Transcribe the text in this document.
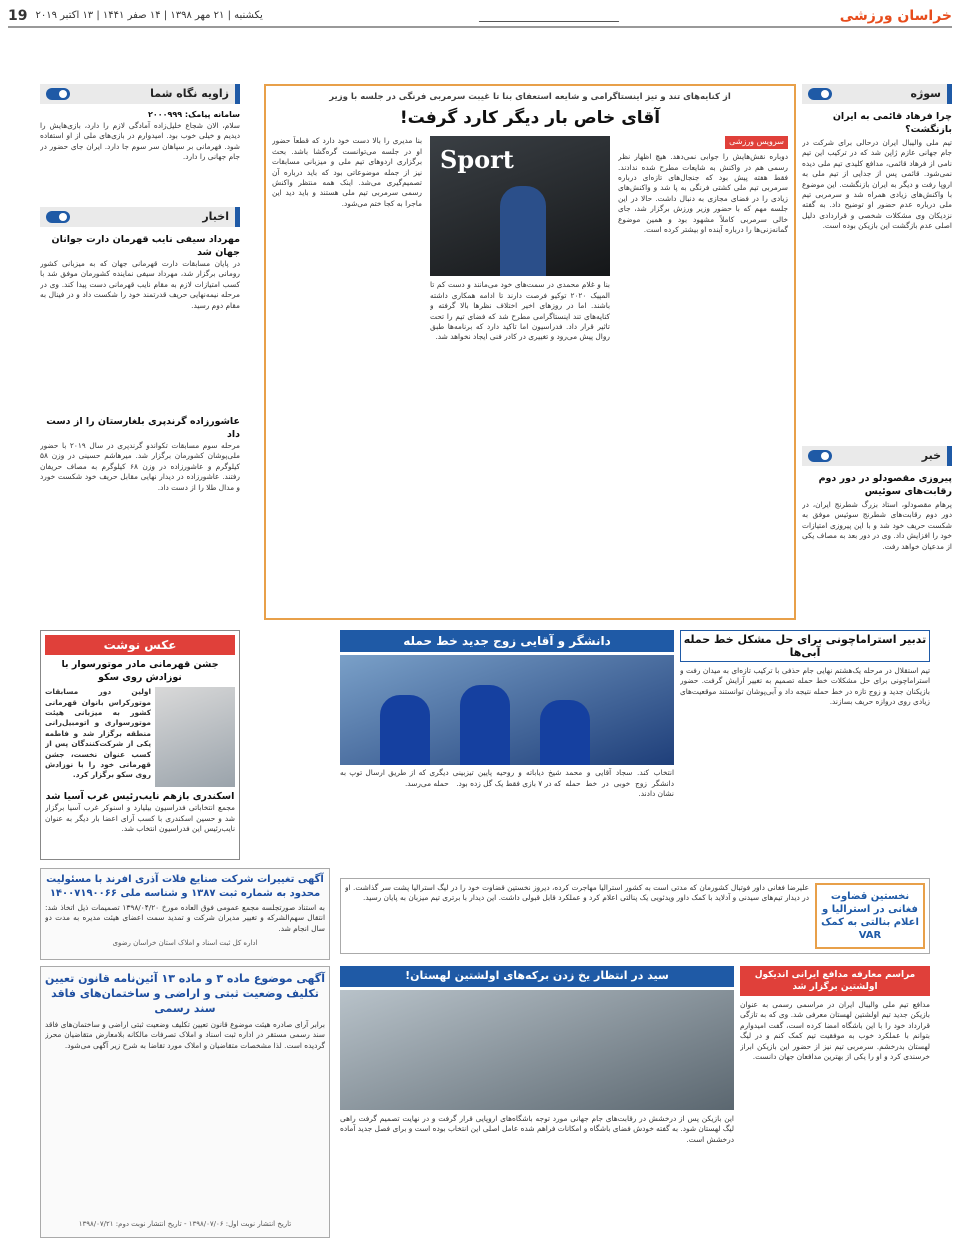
خراسان ورزشی
یکشنبه | ۲۱ مهر ۱۳۹۸ | ۱۴ صفر ۱۴۴۱ | ۱۳ اکتبر ۲۰۱۹
19
سوژه
چرا فرهاد قائمی به ایران بازنگشت؟
تیم ملی والیبال ایران درحالی برای شرکت در جام جهانی عازم ژاپن شد که در ترکیب این تیم نامی از فرهاد قائمی، مدافع کلیدی تیم ملی دیده نمی‌شود. قائمی پس از جدایی از تیم ملی به اروپا رفت و دیگر به ایران بازنگشت. این موضوع با واکنش‌های زیادی همراه شد و سرمربی تیم ملی درباره عدم حضور او توضیح داد. به گفته نزدیکان وی مشکلات شخصی و قراردادی دلیل اصلی عدم بازگشت این بازیکن بوده است.
خبر
پیروزی مقصودلو در دور دوم رقابت‌های سوئیس
پرهام مقصودلو، استاد بزرگ شطرنج ایران، در دور دوم رقابت‌های شطرنج سوئیس موفق به شکست حریف خود شد و با این پیروزی امتیازات خود را افزایش داد. وی در دور بعد به مصاف یکی از مدعیان خواهد رفت.
از کنایه‌های تند و تیز اینستاگرامی و شایعه استعفای بنا تا غیبت سرمربی فرنگی در جلسه با وزیر
آقای خاص بار دیگر کارد گرفت!
سرویس ورزشی
دوباره نقش‌هایش را جوابی نمی‌دهد. هیچ اظهار نظر رسمی هم در واکنش به شایعات مطرح شده ندادند. فقط هفته پیش بود که جنجال‌های تازه‌ای درباره سرمربی تیم ملی کشتی فرنگی به پا شد و واکنش‌های زیادی را در فضای مجازی به دنبال داشت. حالا در این جلسه مهم که با حضور وزیر ورزش برگزار شد، جای خالی سرمربی کاملاً مشهود بود و همین موضوع گمانه‌زنی‌ها را درباره آینده او بیشتر کرده است.
Sport
بنا و غلام محمدی در سمت‌های خود می‌مانند و دست کم تا المپیک ۲۰۲۰ توکیو فرصت دارند تا ادامه همکاری داشته باشند. اما در روزهای اخیر اختلاف نظرها بالا گرفته و کنایه‌های تند اینستاگرامی مطرح شد که فضای تیم را تحت تاثیر قرار داد. فدراسیون اما تاکید دارد که برنامه‌ها طبق روال پیش می‌رود و تغییری در کادر فنی ایجاد نخواهد شد.
بنا مدیری را بالا دست خود دارد که قطعاً حضور او در جلسه می‌توانست گره‌گشا باشد. بحث برگزاری اردوهای تیم ملی و میزبانی مسابقات نیز از جمله موضوعاتی بود که باید درباره آن تصمیم‌گیری می‌شد. اینک همه منتظر واکنش رسمی سرمربی تیم ملی هستند و باید دید این ماجرا به کجا ختم می‌شود.
زاویه نگاه شما
سامانه پیامک: ۲۰۰۰۹۹۹
سلام، الان شجاع خلیل‌زاده آمادگی لازم را دارد، بازی‌هایش را دیدیم و خیلی خوب بود. امیدوارم در بازی‌های ملی از او استفاده شود. فهرمانی بر سپاهان سر سوم جا دارد. ایران جای حضور در جام جهانی را دارد.
اخبار
مهرداد سیفی نایب قهرمان دارت جوانان جهان شد
در پایان مسابقات دارت قهرمانی جهان که به میزبانی کشور رومانی برگزار شد، مهرداد سیفی نماینده کشورمان موفق شد با کسب امتیازات لازم به مقام نایب قهرمانی دست پیدا کند. وی در مرحله نیمه‌نهایی حریف قدرتمند خود را شکست داد و در فینال به مقام دوم رسید.
عاشورزاده گرندپری بلغارستان را از دست داد
مرحله سوم مسابقات تکواندو گرندپری در سال ۲۰۱۹ با حضور ملی‌پوشان کشورمان برگزار شد. میرهاشم حسینی در وزن ۵۸ کیلوگرم و عاشورزاده در وزن ۶۸ کیلوگرم به مصاف حریفان رفتند. عاشورزاده در دیدار نهایی مقابل حریف خود شکست خورد و مدال طلا را از دست داد.
عکس نوشت
جشن قهرمانی مادر موتورسوار با نوزادش روی سکو
اولین دور مسابقات موتورکراس بانوان قهرمانی کشور به میزبانی هیئت موتورسواری و اتومبیل‌رانی منطقه برگزار شد و فاطمه یکی از شرکت‌کنندگان پس از کسب عنوان نخست، جشن قهرمانی خود را با نوزادش روی سکو برگزار کرد.
اسکندری بازهم نایب‌رئیس غرب آسیا شد
مجمع انتخاباتی فدراسیون بیلیارد و اسنوکر غرب آسیا برگزار شد و حسین اسکندری با کسب آرای اعضا بار دیگر به عنوان نایب‌رئیس این فدراسیون انتخاب شد.
تدبیر استراماچونی برای حل مشکل خط حمله آبی‌ها
تیم استقلال در مرحله یک‌هشتم نهایی جام حذفی با ترکیب تازه‌ای به میدان رفت و استراماچونی برای حل مشکلات خط حمله تصمیم به تغییر آرایش گرفت. حضور بازیکنان جدید و زوج تازه در خط حمله نتیجه داد و آبی‌پوشان توانستند موقعیت‌های زیادی روی دروازه حریف بسازند.
دانشگر و آقایی زوج جدید خط حمله
انتخاب کند. سجاد آقایی و محمد دانشگر زوج خوبی در خط حمله نشان دادند.
شیخ دیاباته و روحیه پایین تیزبینی که در ۷ بازی فقط یک گل زده بود.
دیگری که از طریق ارسال توپ به حمله می‌رسد.
نخستین قضاوت فغانی در استرالیا و اعلام بنالتی به کمک VAR
علیرضا فغانی داور فوتبال کشورمان که مدتی است به کشور استرالیا مهاجرت کرده، دیروز نخستین قضاوت خود را در لیگ استرالیا پشت سر گذاشت. او در دیدار تیم‌های سیدنی و آدلاید با کمک داور ویدئویی یک پنالتی اعلام کرد و عملکرد قابل قبولی داشت. این دیدار با برتری تیم میزبان به پایان رسید.
آگهی تغییرات شرکت صنایع فلات آذری افرند با مسئولیت محدود به شماره ثبت ۱۳۸۷ و شناسه ملی ۱۴۰۰۷۱۹۰۰۶۶
به استناد صورتجلسه مجمع عمومی فوق العاده مورخ ۱۳۹۸/۰۴/۲۰ تصمیمات ذیل اتخاذ شد: انتقال سهم‌الشرکه و تغییر مدیران شرکت و تمدید سمت اعضای هیئت مدیره به مدت دو سال انجام شد.
اداره کل ثبت اسناد و املاک استان خراسان رضوی
آگهی موضوع ماده ۳ و ماده ۱۳ آئین‌نامه قانون تعیین تکلیف وضعیت ثبتی و اراضی و ساختمان‌های فاقد سند رسمی
برابر آرای صادره هیئت موضوع قانون تعیین تکلیف وضعیت ثبتی اراضی و ساختمان‌های فاقد سند رسمی مستقر در اداره ثبت اسناد و املاک تصرفات مالکانه بلامعارض متقاضیان محرز گردیده است. لذا مشخصات متقاضیان و املاک مورد تقاضا به شرح زیر آگهی می‌شود.
تاریخ انتشار نوبت اول: ۱۳۹۸/۰۷/۰۶ - تاریخ انتشار نوبت دوم: ۱۳۹۸/۰۷/۲۱
مراسم معارفه مدافع ایرانی اندیکول اولشتین برگزار شد
مدافع تیم ملی والیبال ایران در مراسمی رسمی به عنوان بازیکن جدید تیم اولشتین لهستان معرفی شد. وی که به تازگی قرارداد خود را با این باشگاه امضا کرده است، گفت امیدوارم بتوانم با عملکرد خوب به موفقیت تیم کمک کنم و در لیگ لهستان بدرخشم. سرمربی تیم نیز از حضور این بازیکن ابراز خرسندی کرد و او را یکی از بهترین مدافعان جهان دانست.
سید در انتظار یخ زدن برکه‌های اولشتین لهستان!
این بازیکن پس از درخشش در رقابت‌های جام جهانی مورد توجه باشگاه‌های اروپایی قرار گرفت و در نهایت تصمیم گرفت راهی لیگ لهستان شود. به گفته خودش فضای باشگاه و امکانات فراهم شده عامل اصلی این انتخاب بوده است و برای فصل جدید آماده درخشش است.
